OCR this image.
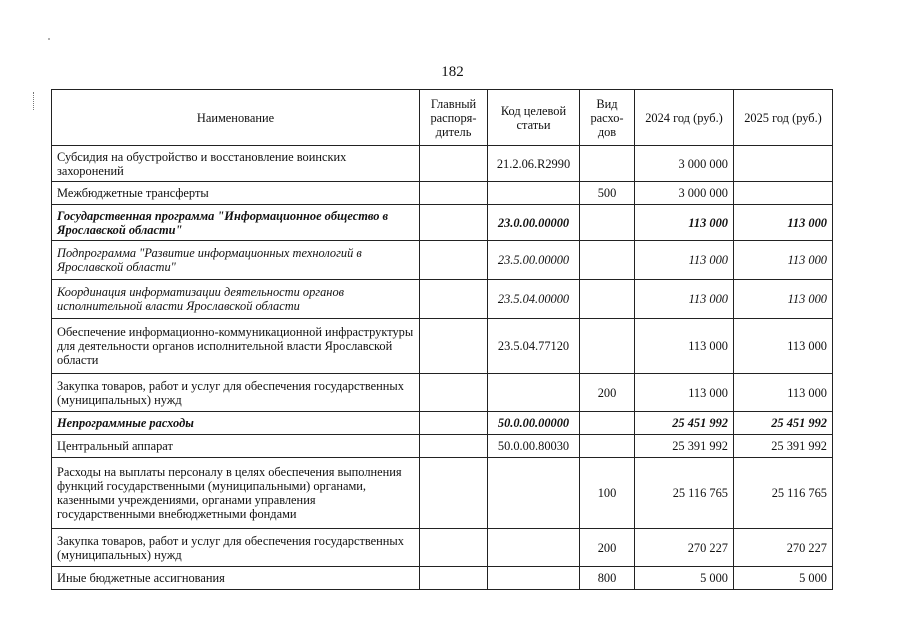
182
Наименование	Главный распоря-дитель	Код целевой статьи	Вид расхо-дов	2024 год (руб.)	2025 год (руб.)
Субсидия на обустройство и восстановление воинских захоронений		21.2.06.R2990		3 000 000	
Межбюджетные трансферты			500	3 000 000	
Государственная программа "Информационное общество в Ярославской области"		23.0.00.00000		113 000	113 000
Подпрограмма "Развитие информационных технологий в Ярославской области"		23.5.00.00000		113 000	113 000
Координация информатизации деятельности органов исполнительной власти Ярославской области		23.5.04.00000		113 000	113 000
Обеспечение информационно-коммуникационной инфраструктуры для деятельности органов исполнительной власти Ярославской области		23.5.04.77120		113 000	113 000
Закупка товаров, работ и услуг для обеспечения государственных (муниципальных) нужд			200	113 000	113 000
Непрограммные расходы		50.0.00.00000		25 451 992	25 451 992
Центральный аппарат		50.0.00.80030		25 391 992	25 391 992
Расходы на выплаты персоналу в целях обеспечения выполнения функций государственными (муниципальными) органами, казенными учреждениями, органами управления государственными внебюджетными фондами			100	25 116 765	25 116 765
Закупка товаров, работ и услуг для обеспечения государственных (муниципальных) нужд			200	270 227	270 227
Иные бюджетные ассигнования			800	5 000	5 000
